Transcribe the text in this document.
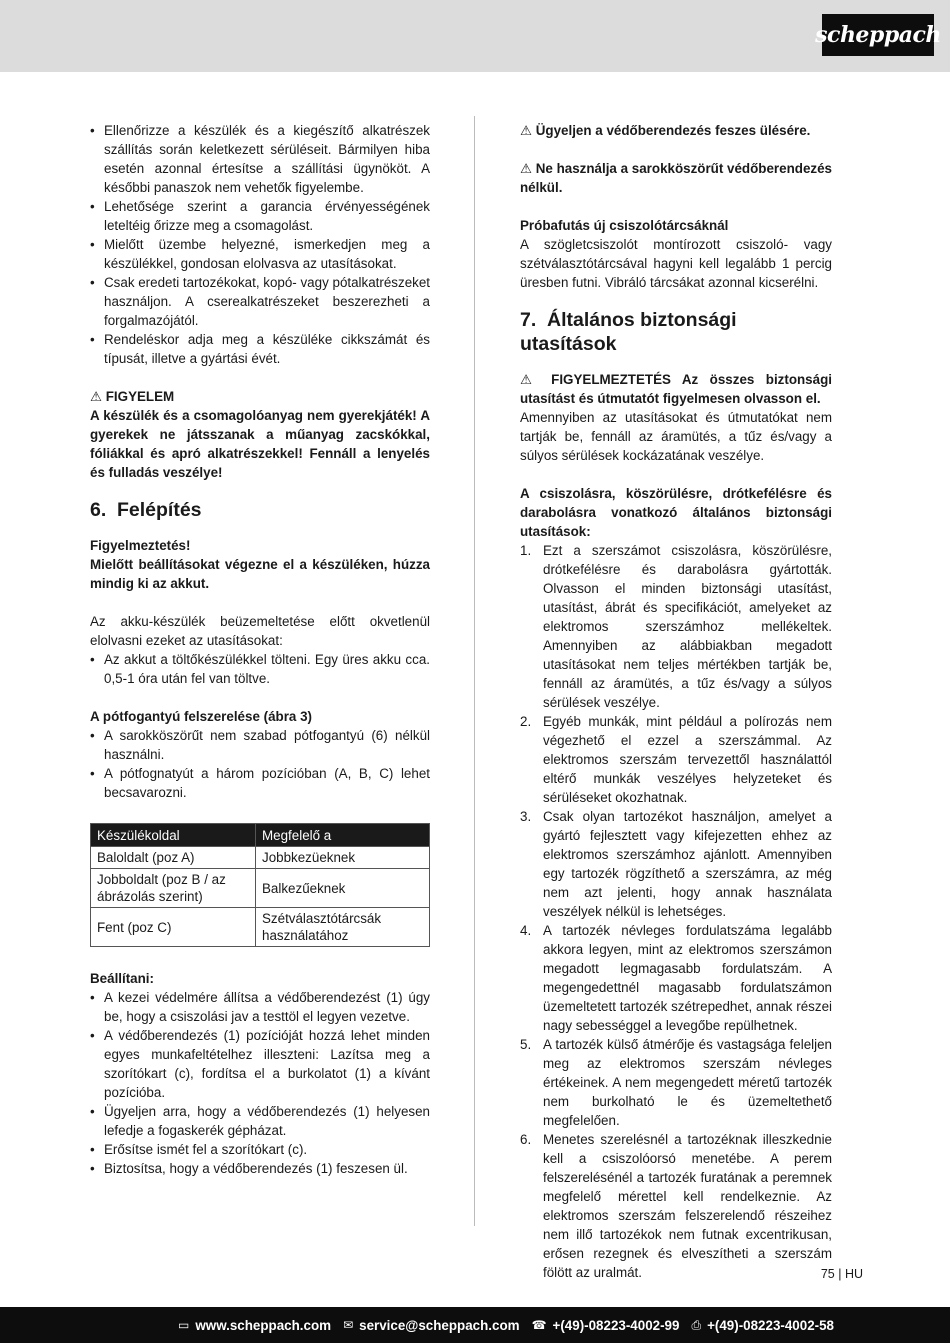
scheppach
• Ellenőrizze a készülék és a kiegészítő alkatrészek szállítás során keletkezett sérüléseit. Bármilyen hiba esetén azonnal értesítse a szállítási ügynököt. A későbbi panaszok nem vehetők figyelembe.
• Lehetősége szerint a garancia érvényességének leteltéig őrizze meg a csomagolást.
• Mielőtt üzembe helyezné, ismerkedjen meg a készülékkel, gondosan elolvasva az utasításokat.
• Csak eredeti tartozékokat, kopó- vagy pótalkatrészeket használjon. A cserealkatrészeket beszerezheti a forgalmazójától.
• Rendeléskor adja meg a készüléke cikkszámát és típusát, illetve a gyártási évét.

⚠ FIGYELEM

A készülék és a csomagolóanyag nem gyerekjáték! A gyerekek ne játsszanak a műanyag zacskókkal, fóliákkal és apró alkatrészekkel! Fennáll a lenyelés és fulladás veszélye!

6. Felépítés

Figyelmeztetés!

Mielőtt beállításokat végezne el a készüléken, húzza mindig ki az akkut.

Az akku-készülék beüzemeltetése előtt okvetlenül elolvasni ezeket az utasításokat:

• Az akkut a töltőkészülékkel tölteni. Egy üres akku cca. 0,5-1 óra után fel van töltve.

A pótfogantyú felszerelése (ábra 3)

• A sarokköszörűt nem szabad pótfogantyú (6) nélkül használni.
• A pótfognatyút a három pozícióban (A, B, C) lehet becsavarozni.
Készülékoldal	Megfelelő a
Baloldalt (poz A)	Jobbkezüeknek
Jobboldalt (poz B / az ábrázolás szerint)	Balkezűeknek
Fent (poz C)	Szétválasztótárcsák használatához

Beállítani:

• A kezei védelmére állítsa a védőberendezést (1) úgy be, hogy a csiszolási jav a testtöl el legyen vezetve.
• A védőberendezés (1) pozícióját hozzá lehet minden egyes munkafeltételhez illeszteni: Lazítsa meg a szorítókart (c), fordítsa el a burkolatot (1) a kívánt pozícióba.
• Ügyeljen arra, hogy a védőberendezés (1) helyesen lefedje a fogaskerék gépházat.
• Erősítse ismét fel a szorítókart (c).
• Biztosítsa, hogy a védőberendezés (1) feszesen ül.

⚠ Ügyeljen a védőberendezés feszes ülésére.

⚠ Ne használja a sarokköszörűt védőberendezés nélkül.

Próbafutás új csiszolótárcsáknál

A szögletcsiszolót montírozott csiszoló- vagy szétválasztótárcsával hagyni kell legalább 1 percig üresben futni. Vibráló tárcsákat azonnal kicserélni.

7. Általános biztonsági utasítások

⚠ FIGYELMEZTETÉS Az összes biztonsági utasítást és útmutatót figyelmesen olvasson el.

Amennyiben az utasításokat és útmutatókat nem tartják be, fennáll az áramütés, a tűz és/vagy a súlyos sérülések kockázatának veszélye.

A csiszolásra, köszörülésre, drótkefélésre és darabolásra vonatkozó általános biztonsági utasítások:

1. Ezt a szerszámot csiszolásra, köszörülésre, drótkefélésre és darabolásra gyártották. Olvasson el minden biztonsági utasítást, utasítást, ábrát és specifikációt, amelyeket az elektromos szerszámhoz mellékeltek. Amennyiben az alábbiakban megadott utasításokat nem teljes mértékben tartják be, fennáll az áramütés, a tűz és/vagy a súlyos sérülések veszélye.
2. Egyéb munkák, mint például a polírozás nem végezhető el ezzel a szerszámmal. Az elektromos szerszám tervezettől használattól eltérő munkák veszélyes helyzeteket és sérüléseket okozhatnak.
3. Csak olyan tartozékot használjon, amelyet a gyártó fejlesztett vagy kifejezetten ehhez az elektromos szerszámhoz ajánlott. Amennyiben egy tartozék rögzíthető a szerszámra, az még nem azt jelenti, hogy annak használata veszélyek nélkül is lehetséges.
4. A tartozék névleges fordulatszáma legalább akkora legyen, mint az elektromos szerszámon megadott legmagasabb fordulatszám. A megengedettnél magasabb fordulatszámon üzemeltetett tartozék szétrepedhet, annak részei nagy sebességgel a levegőbe repülhetnek.
5. A tartozék külső átmérője és vastagsága feleljen meg az elektromos szerszám névleges értékeinek. A nem megengedett méretű tartozék nem burkolható le és üzemeltethető megfelelően.
6. Menetes szerelésnél a tartozéknak illeszkednie kell a csiszolóorsó menetébe. A perem felszerelésénél a tartozék furatának a peremnek megfelelő mérettel kell rendelkeznie. Az elektromos szerszám felszerelendő részeihez nem illő tartozékok nem futnak excentrikusan, erősen rezegnek és elveszítheti a szerszám fölött az uralmát.	75 | HU
▭ www.scheppach.com ✉ service@scheppach.com ☎ +(49)-08223-4002-99 ⎙ +(49)-08223-4002-58
